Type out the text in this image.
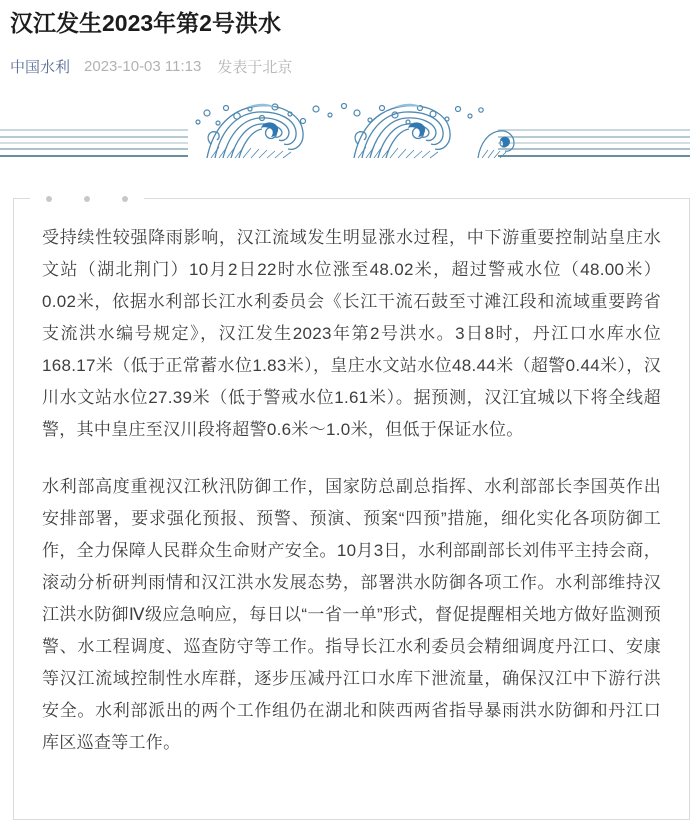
汉江发生2023年第2号洪水
中国水利 2023-10-03 11:13 发表于北京

受持续性较强降雨影响，汉江流域发生明显涨水过程，中下游重要控制站皇庄水文站（湖北荆门）10月2日22时水位涨至48.02米，超过警戒水位（48.00米）0.02米，依据水利部长江水利委员会《长江干流石鼓至寸滩江段和流域重要跨省支流洪水编号规定》，汉江发生2023年第2号洪水。3日8时，丹江口水库水位168.17米（低于正常蓄水位1.83米），皇庄水文站水位48.44米（超警0.44米），汉川水文站水位27.39米（低于警戒水位1.61米）。据预测，汉江宜城以下将全线超警，其中皇庄至汉川段将超警0.6米～1.0米，但低于保证水位。

水利部高度重视汉江秋汛防御工作，国家防总副总指挥、水利部部长李国英作出安排部署，要求强化预报、预警、预演、预案“四预”措施，细化实化各项防御工作，全力保障人民群众生命财产安全。10月3日，水利部副部长刘伟平主持会商，滚动分析研判雨情和汉江洪水发展态势，部署洪水防御各项工作。水利部维持汉江洪水防御Ⅳ级应急响应，每日以“一省一单”形式，督促提醒相关地方做好监测预警、水工程调度、巡查防守等工作。指导长江水利委员会精细调度丹江口、安康等汉江流域控制性水库群，逐步压减丹江口水库下泄流量，确保汉江中下游行洪安全。水利部派出的两个工作组仍在湖北和陕西两省指导暴雨洪水防御和丹江口库区巡查等工作。
